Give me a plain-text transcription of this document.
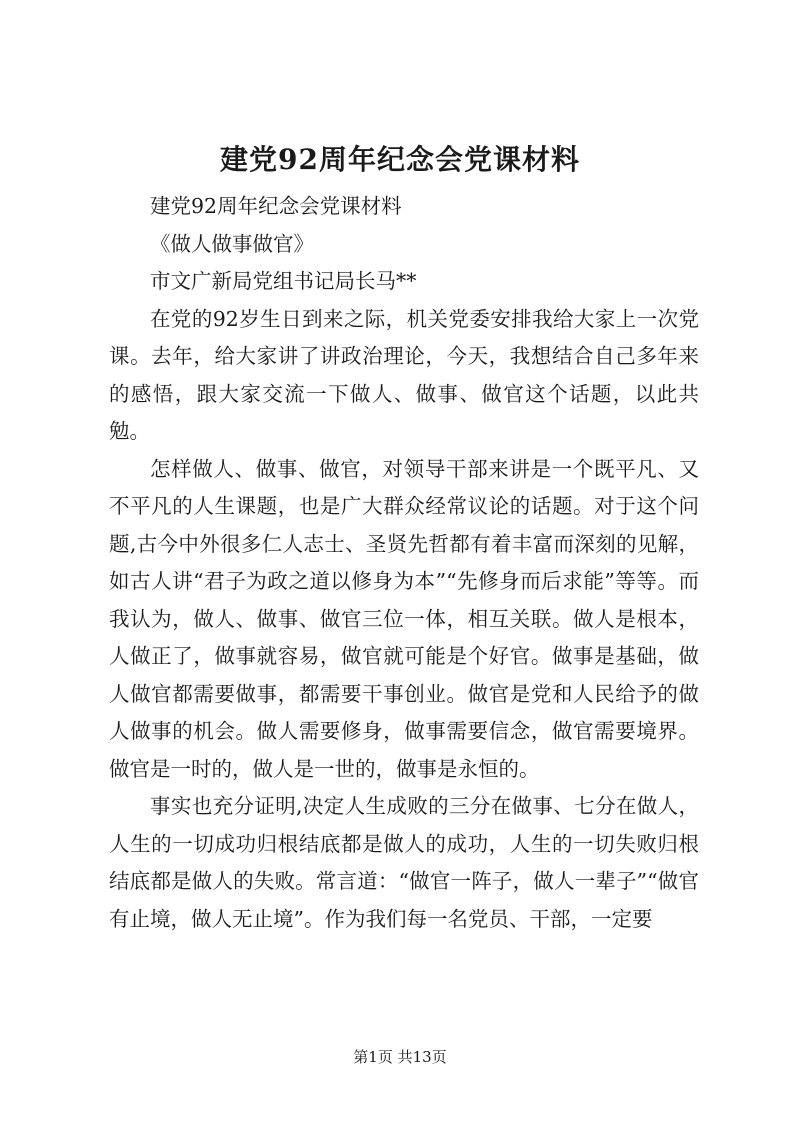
建党92周年纪念会党课材料

建党92周年纪念会党课材料

《做人做事做官》

市文广新局党组书记局长马**

在党的92岁生日到来之际，机关党委安排我给大家上一次党课。去年，给大家讲了讲政治理论，今天，我想结合自己多年来的感悟，跟大家交流一下做人、做事、做官这个话题，以此共勉。

怎样做人、做事、做官，对领导干部来讲是一个既平凡、又不平凡的人生课题，也是广大群众经常议论的话题。对于这个问题,古今中外很多仁人志士、圣贤先哲都有着丰富而深刻的见解，如古人讲“君子为政之道以修身为本”“先修身而后求能”等等。而我认为，做人、做事、做官三位一体，相互关联。做人是根本，人做正了，做事就容易，做官就可能是个好官。做事是基础，做人做官都需要做事，都需要干事创业。做官是党和人民给予的做人做事的机会。做人需要修身，做事需要信念，做官需要境界。做官是一时的，做人是一世的，做事是永恒的。

事实也充分证明,决定人生成败的三分在做事、七分在做人，人生的一切成功归根结底都是做人的成功，人生的一切失败归根结底都是做人的失败。常言道：“做官一阵子，做人一辈子”“做官有止境，做人无止境”。作为我们每一名党员、干部，一定要

第1页 共13页
